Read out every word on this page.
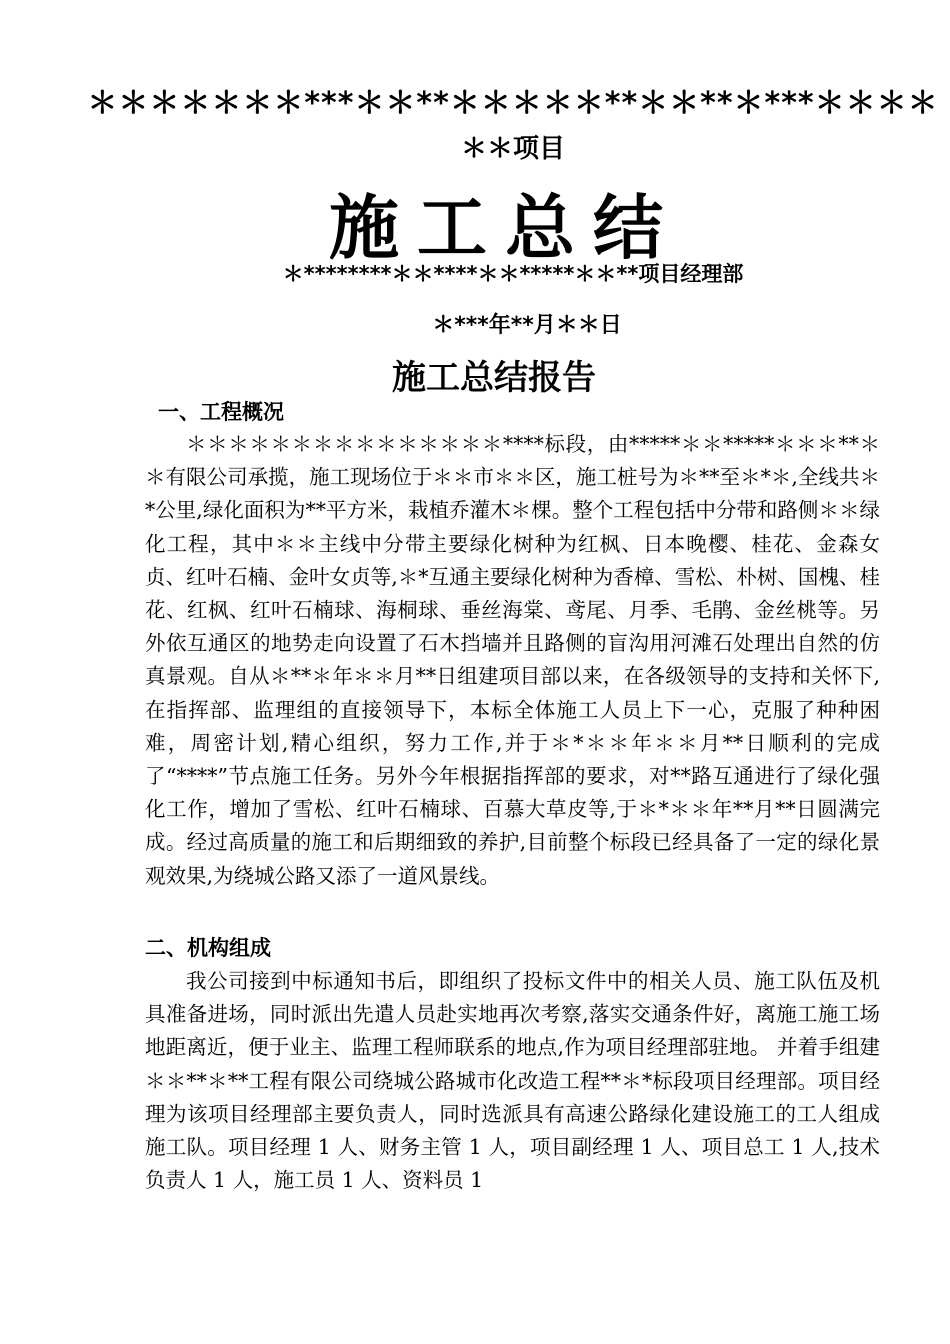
＊＊＊＊＊＊＊***＊＊**＊＊＊＊＊**＊＊**＊***＊＊＊＊
＊＊项目
施工总结
＊********＊＊****＊＊*****＊＊**项目经理部
＊***年**月＊＊日
施工总结报告
一、工程概况

＊＊＊＊＊＊＊＊＊＊＊＊＊＊＊****标段，由*****＊＊*****＊＊＊**＊＊有限公司承揽，施工现场位于＊＊市＊＊区，施工桩号为＊**至＊*＊,全线共＊*公里,绿化面积为**平方米，栽植乔灌木＊棵。整个工程包括中分带和路侧＊＊绿化工程，其中＊＊主线中分带主要绿化树种为红枫、日本晚樱、桂花、金森女贞、红叶石楠、金叶女贞等,＊*互通主要绿化树种为香樟、雪松、朴树、国槐、桂花、红枫、红叶石楠球、海桐球、垂丝海棠、鸢尾、月季、毛鹃、金丝桃等。另外依互通区的地势走向设置了石木挡墙并且路侧的盲沟用河滩石处理出自然的仿真景观。自从＊**＊年＊＊月**日组建项目部以来，在各级领导的支持和关怀下,在指挥部、监理组的直接领导下，本标全体施工人员上下一心，克服了种种困难，周密计划,精心组织，努力工作,并于＊*＊＊年＊＊月**日顺利的完成了“****”节点施工任务。另外今年根据指挥部的要求，对**路互通进行了绿化强化工作，增加了雪松、红叶石楠球、百慕大草皮等,于＊*＊＊年**月**日圆满完成。经过高质量的施工和后期细致的养护,目前整个标段已经具备了一定的绿化景观效果,为绕城公路又添了一道风景线。

二、机构组成

我公司接到中标通知书后，即组织了投标文件中的相关人员、施工队伍及机具准备进场，同时派出先遣人员赴实地再次考察,落实交通条件好，离施工施工场地距离近，便于业主、监理工程师联系的地点,作为项目经理部驻地。 并着手组建＊＊**＊**工程有限公司绕城公路城市化改造工程**＊*标段项目经理部。项目经理为该项目经理部主要负责人，同时选派具有高速公路绿化建设施工的工人组成施工队。项目经理 1 人、财务主管 1 人，项目副经理 1 人、项目总工 1 人,技术负责人 1 人，施工员 1 人、资料员 1
